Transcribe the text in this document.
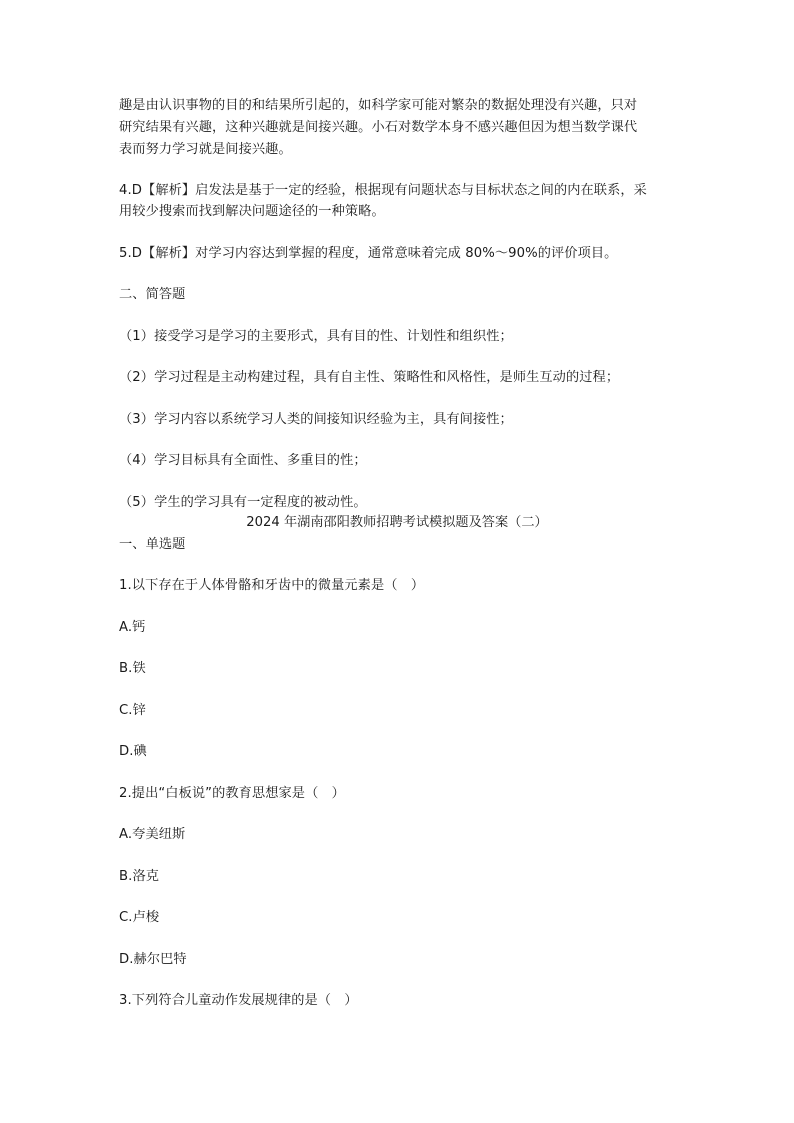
趣是由认识事物的目的和结果所引起的，如科学家可能对繁杂的数据处理没有兴趣，只对
研究结果有兴趣，这种兴趣就是间接兴趣。小石对数学本身不感兴趣但因为想当数学课代
表而努力学习就是间接兴趣。
4.D【解析】启发法是基于一定的经验，根据现有问题状态与目标状态之间的内在联系，采
用较少搜索而找到解决问题途径的一种策略。
5.D【解析】对学习内容达到掌握的程度，通常意味着完成 80%～90%的评价项目。
二、简答题
（1）接受学习是学习的主要形式，具有目的性、计划性和组织性；
（2）学习过程是主动构建过程，具有自主性、策略性和风格性，是师生互动的过程；
（3）学习内容以系统学习人类的间接知识经验为主，具有间接性；
（4）学习目标具有全面性、多重目的性；
（5）学生的学习具有一定程度的被动性。
2024 年湖南邵阳教师招聘考试模拟题及答案（二）
一、单选题
1.以下存在于人体骨骼和牙齿中的微量元素是（　）
A.钙
B.铁
C.锌
D.碘
2.提出“白板说”的教育思想家是（　）
A.夸美纽斯
B.洛克
C.卢梭
D.赫尔巴特
3.下列符合儿童动作发展规律的是（　）
